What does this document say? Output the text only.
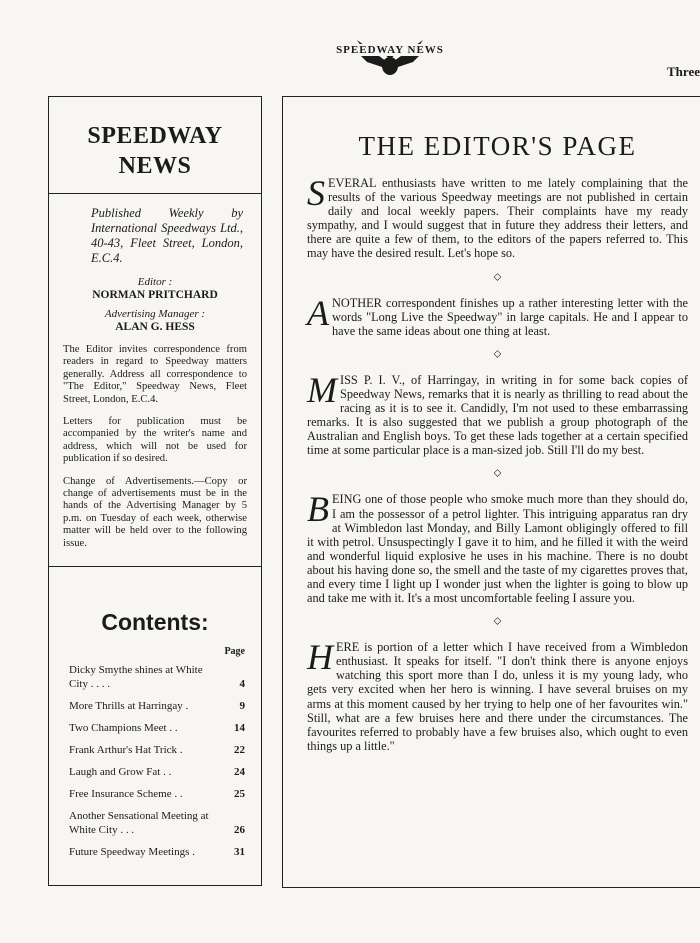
SPEEDWAY NEWS
Three
SPEEDWAY
NEWS
Published Weekly by International Speedways Ltd., 40-43, Fleet Street, London, E.C.4.
Editor :
NORMAN PRITCHARD
Advertising Manager :
ALAN G. HESS
The Editor invites correspondence from readers in regard to Speedway matters generally. Address all correspondence to "The Editor," Speedway News, Fleet Street, London, E.C.4.
Letters for publication must be accompanied by the writer's name and address, which will not be used for publication if so desired.
Change of Advertisements.—Copy or change of advertisements must be in the hands of the Advertising Manager by 5 p.m. on Tuesday of each week, otherwise matter will be held over to the following issue.
Contents:
Page
Dicky Smythe shines at White City . . . .	4
More Thrills at Harringay .	9
Two Champions Meet . .	14
Frank Arthur's Hat Trick .	22
Laugh and Grow Fat . .	24
Free Insurance Scheme . .	25
Another Sensational Meeting at White City . . .	26
Future Speedway Meetings .	31
THE EDITOR'S PAGE

SEVERAL enthusiasts have written to me lately complaining that the results of the various Speedway meetings are not published in certain daily and local weekly papers. Their complaints have my ready sympathy, and I would suggest that in future they address their letters, and there are quite a few of them, to the editors of the papers referred to. This may have the desired result. Let's hope so.

⬦

ANOTHER correspondent finishes up a rather interesting letter with the words "Long Live the Speedway" in large capitals. He and I appear to have the same ideas about one thing at least.

⬦

MISS P. I. V., of Harringay, in writing in for some back copies of Speedway News, remarks that it is nearly as thrilling to read about the racing as it is to see it. Candidly, I'm not used to these embarrassing remarks. It is also suggested that we publish a group photograph of the Australian and English boys. To get these lads together at a certain specified time at some particular place is a man-sized job. Still I'll do my best.

⬦

BEING one of those people who smoke much more than they should do, I am the possessor of a petrol lighter. This intriguing apparatus ran dry at Wimbledon last Monday, and Billy Lamont obligingly offered to fill it with petrol. Unsuspectingly I gave it to him, and he filled it with the weird and wonderful liquid explosive he uses in his machine. There is no doubt about his having done so, the smell and the taste of my cigarettes proves that, and every time I light up I wonder just when the lighter is going to blow up and take me with it. It's a most uncomfortable feeling I assure you.

⬦

HERE is portion of a letter which I have received from a Wimbledon enthusiast. It speaks for itself. "I don't think there is anyone enjoys watching this sport more than I do, unless it is my young lady, who gets very excited when her hero is winning. I have several bruises on my arms at this moment caused by her trying to help one of her favourites win." Still, what are a few bruises here and there under the circumstances. The favourites referred to probably have a few bruises also, which ought to even things up a little."
